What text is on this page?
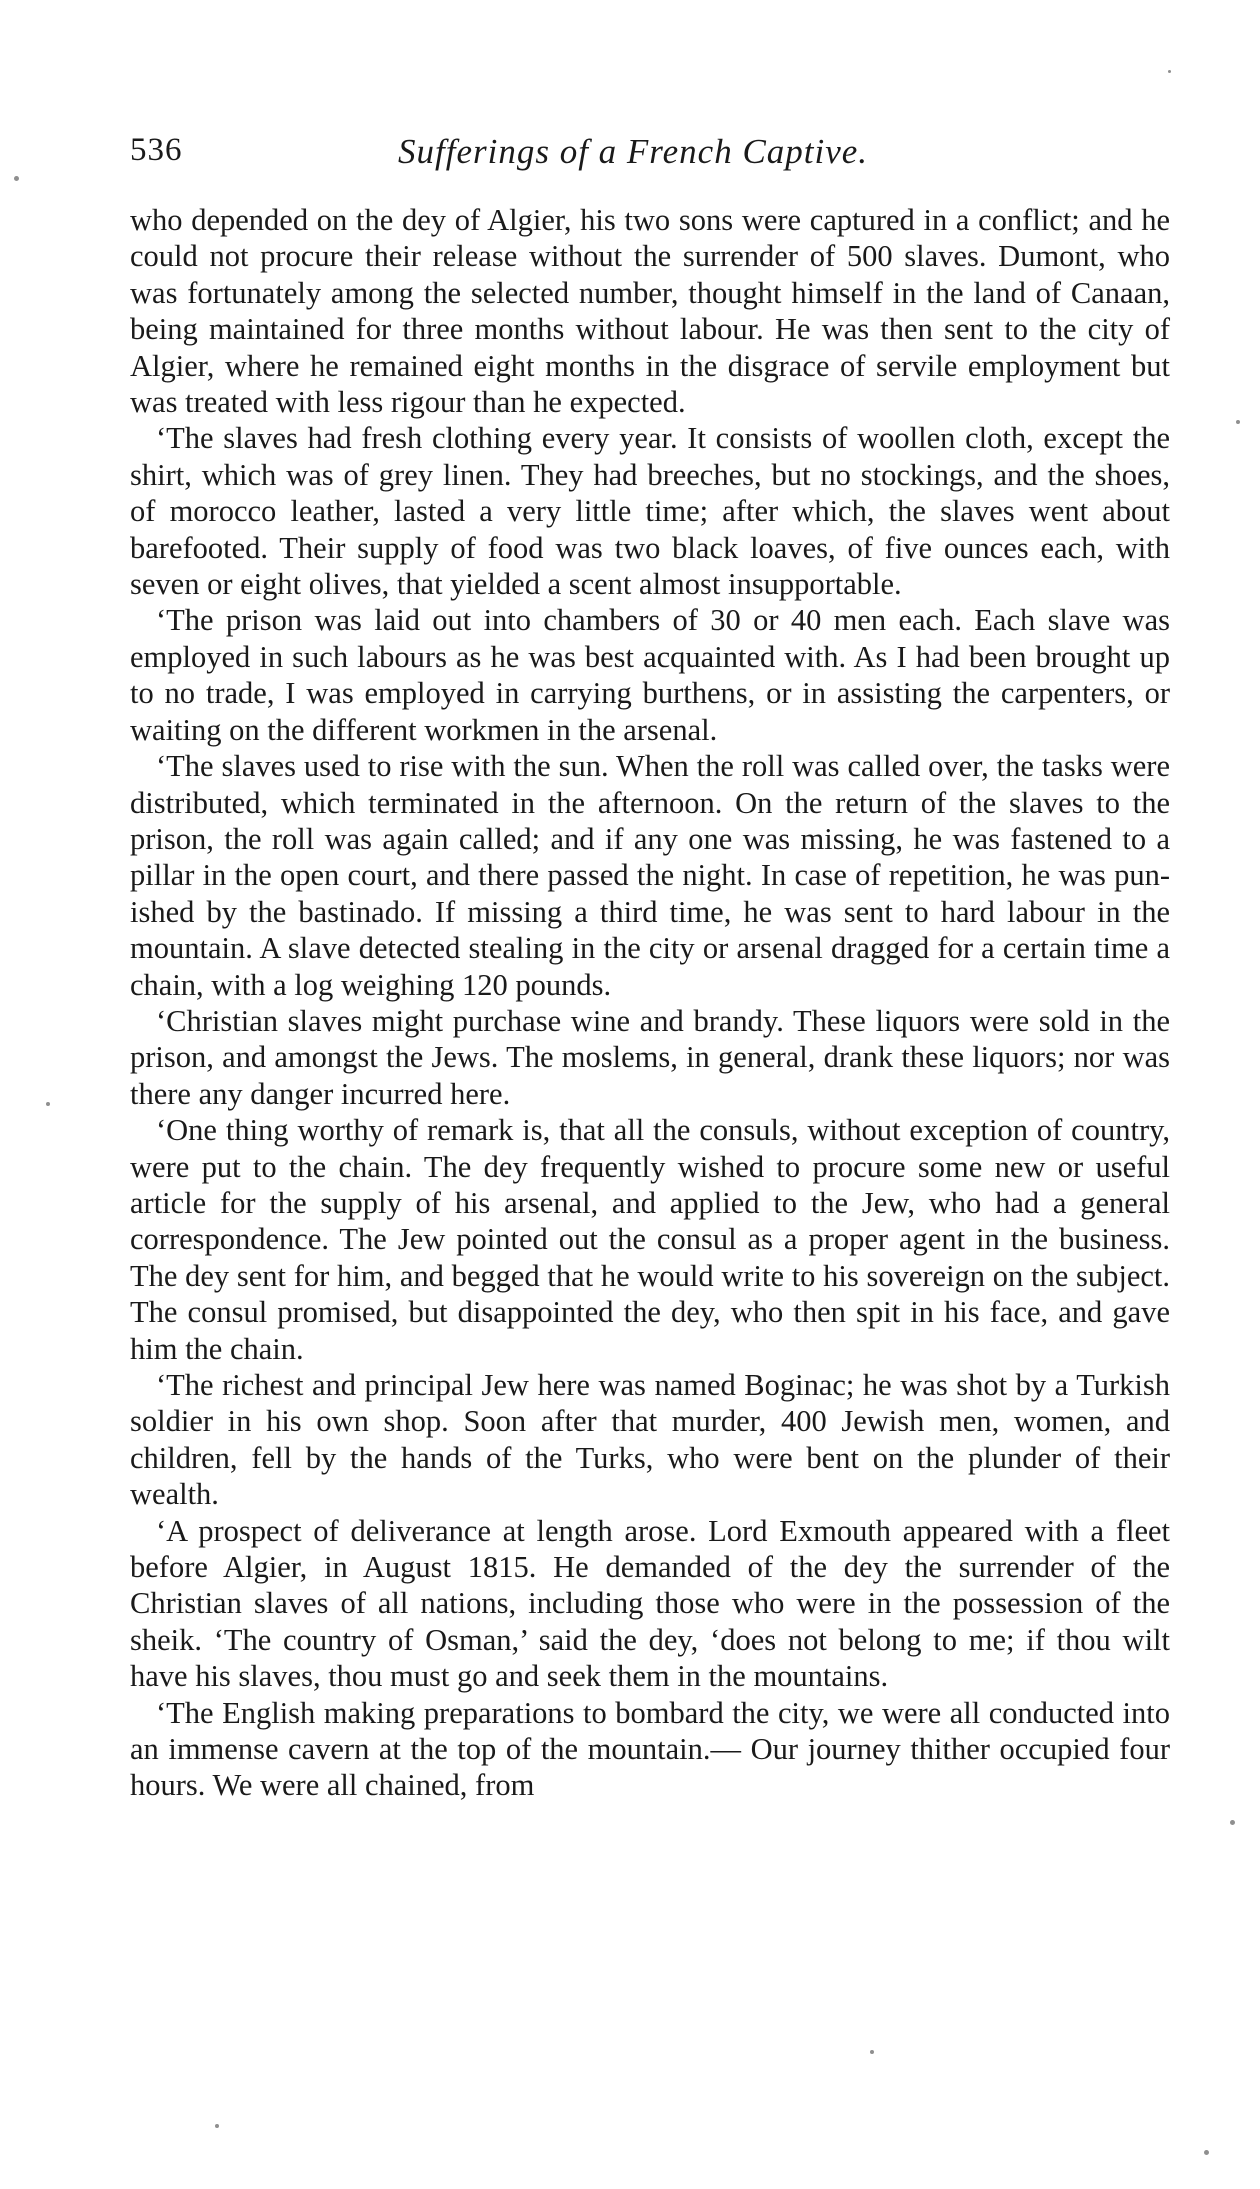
536	Sufferings of a French Captive.

who depended on the dey of Algier, his two sons were captured in a conflict; and he could not procure their release without the surrender of 500 slaves. Dumont, who was fortunately among the selected number, thought himself in the land of Canaan, being maintained for three months without labour. He was then sent to the city of Algier, where he remained eight months in the disgrace of servile employment but was treated with less rigour than he expected.

‘The slaves had fresh clothing every year. It consists of woollen cloth, except the shirt, which was of grey linen. They had breeches, but no stockings, and the shoes, of morocco leather, lasted a very little time; after which, the slaves went about barefooted. Their supply of food was two black loaves, of five ounces each, with seven or eight olives, that yielded a scent almost insupportable.

‘The prison was laid out into chambers of 30 or 40 men each. Each slave was employed in such labours as he was best acquainted with. As I had been brought up to no trade, I was employed in carrying burthens, or in assisting the carpenters, or waiting on the different workmen in the arsenal.

‘The slaves used to rise with the sun. When the roll was called over, the tasks were distributed, which terminated in the afternoon. On the return of the slaves to the prison, the roll was again called; and if any one was missing, he was fastened to a pillar in the open court, and there passed the night. In case of repetition, he was punished by the bastinado. If missing a third time, he was sent to hard labour in the mountain. A slave detected stealing in the city or arsenal dragged for a certain time a chain, with a log weighing 120 pounds.

‘Christian slaves might purchase wine and brandy. These liquors were sold in the prison, and amongst the Jews. The moslems, in general, drank these liquors; nor was there any danger incurred here.

‘One thing worthy of remark is, that all the consuls, without exception of country, were put to the chain. The dey frequently wished to procure some new or useful article for the supply of his arsenal, and applied to the Jew, who had a general correspondence. The Jew pointed out the consul as a proper agent in the business. The dey sent for him, and begged that he would write to his sovereign on the subject. The consul promised, but disappointed the dey, who then spit in his face, and gave him the chain.

‘The richest and principal Jew here was named Boginac; he was shot by a Turkish soldier in his own shop. Soon after that murder, 400 Jewish men, women, and children, fell by the hands of the Turks, who were bent on the plunder of their wealth.

‘A prospect of deliverance at length arose. Lord Exmouth appeared with a fleet before Algier, in August 1815. He demanded of the dey the surrender of the Christian slaves of all nations, including those who were in the possession of the sheik. ‘The country of Osman,’ said the dey, ‘does not belong to me; if thou wilt have his slaves, thou must go and seek them in the mountains.

‘The English making preparations to bombard the city, we were all conducted into an immense cavern at the top of the mountain.— Our journey thither occupied four hours. We were all chained, from
